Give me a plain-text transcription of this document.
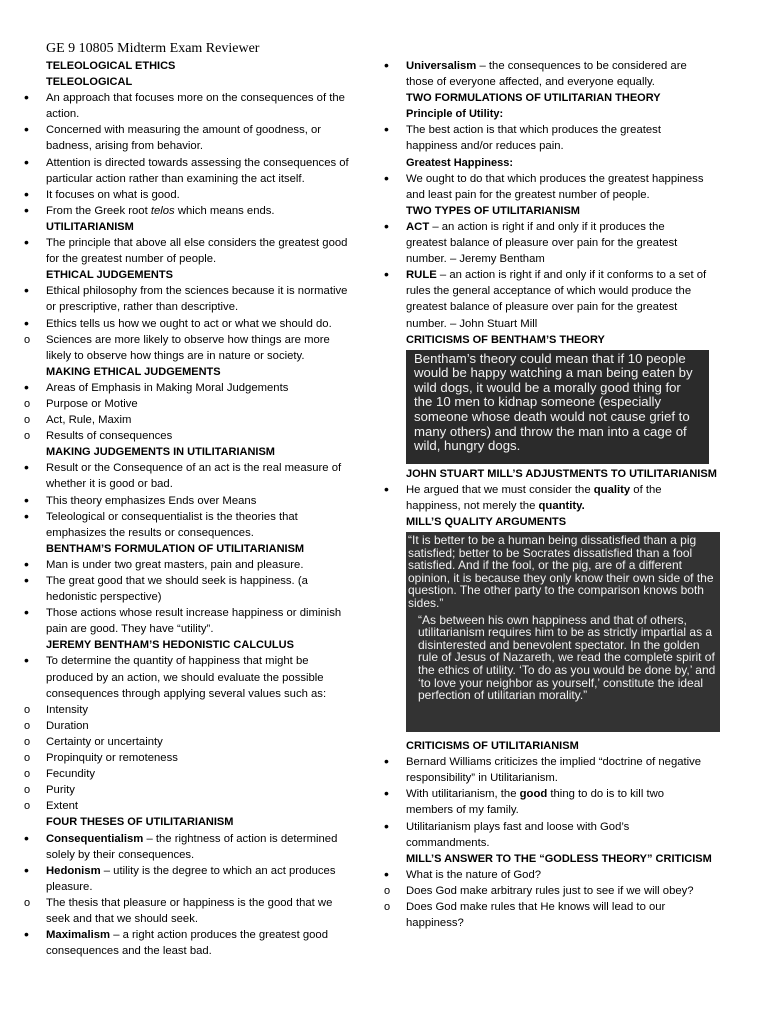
GE 9 10805 Midterm Exam Reviewer
TELEOLOGICAL ETHICS
TELEOLOGICAL
•
An approach that focuses more on the consequences of the
action.
•
Concerned with measuring the amount of goodness, or
badness, arising from behavior.
•
Attention is directed towards assessing the consequences of
particular action rather than examining the act itself.
•
It focuses on what is good.
•
From the Greek root telos which means ends.
UTILITARIANISM
•
The principle that above all else considers the greatest good
for the greatest number of people.
ETHICAL JUDGEMENTS
•
Ethical philosophy from the sciences because it is normative
or prescriptive, rather than descriptive.
•
Ethics tells us how we ought to act or what we should do.
o
Sciences are more likely to observe how things are more
likely to observe how things are in nature or society.
MAKING ETHICAL JUDGEMENTS
•
Areas of Emphasis in Making Moral Judgements
o
Purpose or Motive
o
Act, Rule, Maxim
o
Results of consequences
MAKING JUDGEMENTS IN UTILITARIANISM
•
Result or the Consequence of an act is the real measure of
whether it is good or bad.
•
This theory emphasizes Ends over Means
•
Teleological or consequentialist is the theories that
emphasizes the results or consequences.
BENTHAM’S FORMULATION OF UTILITARIANISM
•
Man is under two great masters, pain and pleasure.
•
The great good that we should seek is happiness. (a
hedonistic perspective)
•
Those actions whose result increase happiness or diminish
pain are good. They have “utility”.
JEREMY BENTHAM’S HEDONISTIC CALCULUS
•
To determine the quantity of happiness that might be
produced by an action, we should evaluate the possible
consequences through applying several values such as:
o
Intensity
o
Duration
o
Certainty or uncertainty
o
Propinquity or remoteness
o
Fecundity
o
Purity
o
Extent
FOUR THESES OF UTILITARIANISM
•
Consequentialism – the rightness of action is determined
solely by their consequences.
•
Hedonism – utility is the degree to which an act produces
pleasure.
o
The thesis that pleasure or happiness is the good that we
seek and that we should seek.
•
Maximalism – a right action produces the greatest good
consequences and the least bad.
•
Universalism – the consequences to be considered are
those of everyone affected, and everyone equally.
TWO FORMULATIONS OF UTILITARIAN THEORY
Principle of Utility:
•
The best action is that which produces the greatest
happiness and/or reduces pain.
Greatest Happiness:
•
We ought to do that which produces the greatest happiness
and least pain for the greatest number of people.
TWO TYPES OF UTILITARIANISM
•
ACT – an action is right if and only if it produces the
greatest balance of pleasure over pain for the greatest
number. – Jeremy Bentham
•
RULE – an action is right if and only if it conforms to a set of
rules the general acceptance of which would produce the
greatest balance of pleasure over pain for the greatest
number. – John Stuart Mill
CRITICISMS OF BENTHAM’S THEORY
Bentham’s theory could mean that if 10 people would be happy watching a man being eaten by wild dogs, it would be a morally good thing for the 10 men to kidnap someone (especially someone whose death would not cause grief to many others) and throw the man into a cage of wild, hungry dogs.
JOHN STUART MILL’S ADJUSTMENTS TO UTILITARIANISM
•
He argued that we must consider the quality of the
happiness, not merely the quantity.
MILL’S QUALITY ARGUMENTS

“It is better to be a human being dissatisfied than a pig satisfied; better to be Socrates dissatisfied than a fool satisfied. And if the fool, or the pig, are of a different opinion, it is because they only know their own side of the question. The other party to the comparison knows both sides.”

“As between his own happiness and that of others, utilitarianism requires him to be as strictly impartial as a disinterested and benevolent spectator. In the golden rule of Jesus of Nazareth, we read the complete spirit of the ethics of utility. ‘To do as you would be done by,’ and ‘to love your neighbor as yourself,’ constitute the ideal perfection of utilitarian morality.”

CRITICISMS OF UTILITARIANISM
•
Bernard Williams criticizes the implied “doctrine of negative
responsibility” in Utilitarianism.
•
With utilitarianism, the good thing to do is to kill two
members of my family.
•
Utilitarianism plays fast and loose with God’s
commandments.
MILL’S ANSWER TO THE “GODLESS THEORY” CRITICISM
•
What is the nature of God?
o
Does God make arbitrary rules just to see if we will obey?
o
Does God make rules that He knows will lead to our
happiness?
